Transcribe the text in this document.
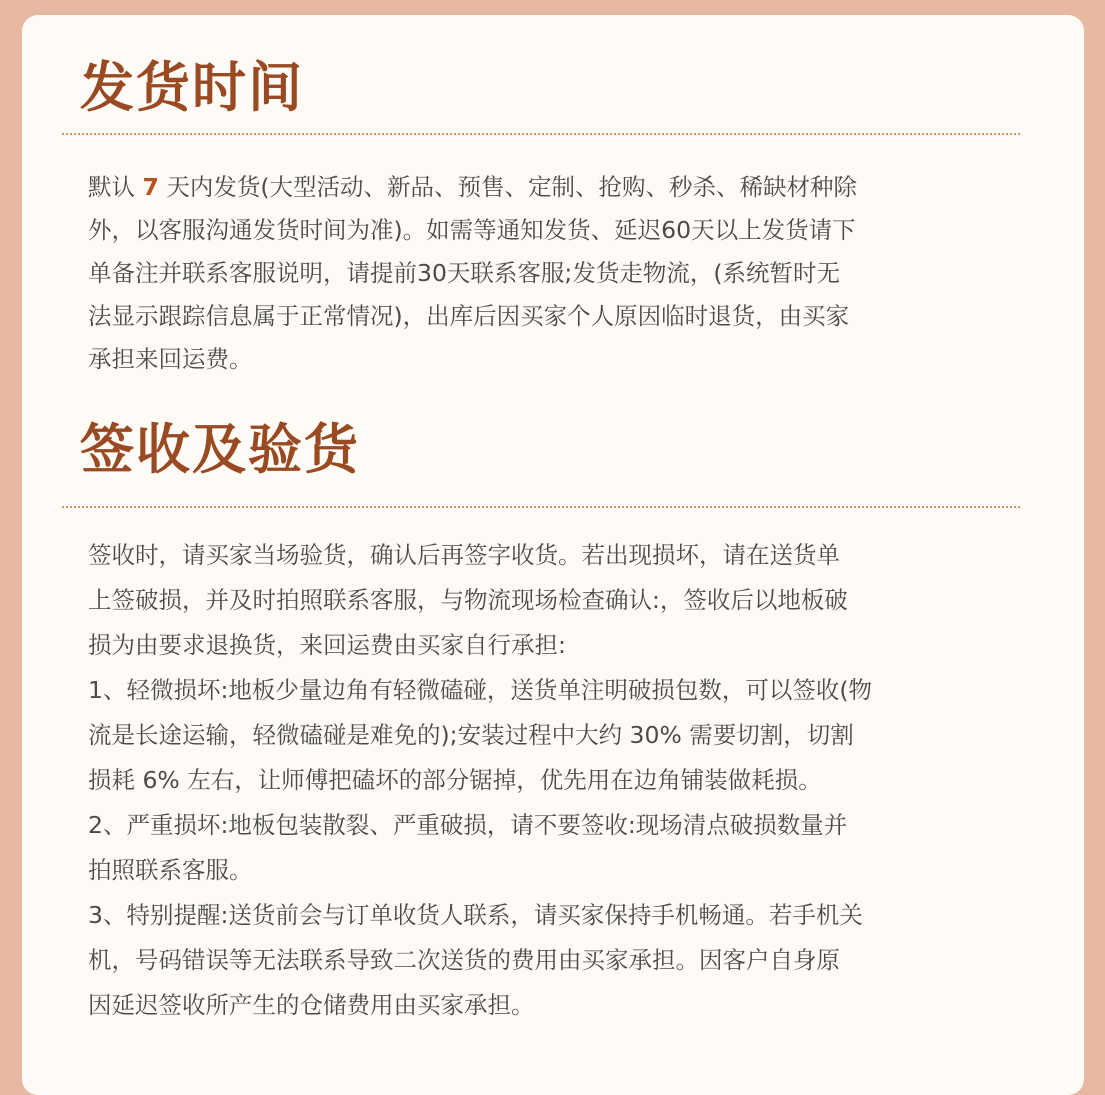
发货时间
默认 7 天内发货(大型活动、新品、预售、定制、抢购、秒杀、稀缺材种除
外，以客服沟通发货时间为准)。如需等通知发货、延迟60天以上发货请下
单备注并联系客服说明，请提前30天联系客服;发货走物流，(系统暂时无
法显示跟踪信息属于正常情况)，出库后因买家个人原因临时退货，由买家
承担来回运费。
签收及验货
签收时，请买家当场验货，确认后再签字收货。若出现损坏，请在送货单
上签破损，并及时拍照联系客服，与物流现场检查确认:，签收后以地板破
损为由要求退换货，来回运费由买家自行承担:
1、轻微损坏:地板少量边角有轻微磕碰，送货单注明破损包数，可以签收(物
流是长途运输，轻微磕碰是难免的);安装过程中大约 30% 需要切割，切割
损耗 6% 左右，让师傅把磕坏的部分锯掉，优先用在边角铺装做耗损。
2、严重损坏:地板包装散裂、严重破损，请不要签收:现场清点破损数量并
拍照联系客服。
3、特别提醒:送货前会与订单收货人联系，请买家保持手机畅通。若手机关
机，号码错误等无法联系导致二次送货的费用由买家承担。因客户自身原
因延迟签收所产生的仓储费用由买家承担。
